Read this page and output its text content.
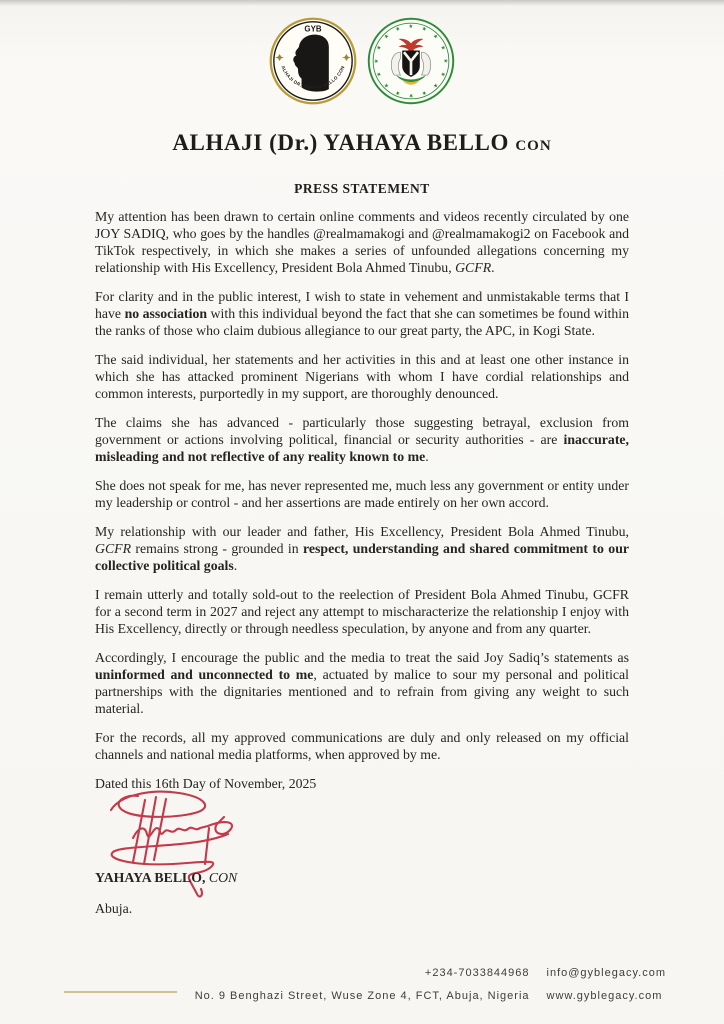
GYB
ALHAJI DR. YAHAYA BELLO CON
★ ★
★
★
★
★
★
★
★
★
★
★
★
★
★
★
ALHAJI (Dr.) YAHAYA BELLO CON
PRESS STATEMENT

My attention has been drawn to certain online comments and videos recently circulated by one JOY SADIQ, who goes by the handles @realmamakogi and @realmamakogi2 on Facebook and TikTok respectively, in which she makes a series of unfounded allegations concerning my relationship with His Excellency, President Bola Ahmed Tinubu, GCFR.

For clarity and in the public interest, I wish to state in vehement and unmistakable terms that I have no association with this individual beyond the fact that she can sometimes be found within the ranks of those who claim dubious allegiance to our great party, the APC, in Kogi State.

The said individual, her statements and her activities in this and at least one other instance in which she has attacked prominent Nigerians with whom I have cordial relationships and common interests, purportedly in my support, are thoroughly denounced.

The claims she has advanced - particularly those suggesting betrayal, exclusion from government or actions involving political, financial or security authorities - are inaccurate, misleading and not reflective of any reality known to me.

She does not speak for me, has never represented me, much less any government or entity under my leadership or control - and her assertions are made entirely on her own accord.

My relationship with our leader and father, His Excellency, President Bola Ahmed Tinubu, GCFR remains strong - grounded in respect, understanding and shared commitment to our collective political goals.

I remain utterly and totally sold-out to the reelection of President Bola Ahmed Tinubu, GCFR for a second term in 2027 and reject any attempt to mischaracterize the relationship I enjoy with His Excellency, directly or through needless speculation, by anyone and from any quarter.

Accordingly, I encourage the public and the media to treat the said Joy Sadiq’s statements as uninformed and unconnected to me, actuated by malice to sour my personal and political partnerships with the dignitaries mentioned and to refrain from giving any weight to such material.

For the records, all my approved communications are duly and only released on my official channels and national media platforms, when approved by me.

Dated this 16th Day of November, 2025

YAHAYA BELLO, CON

Abuja.

+234-7033844968 info@gyblegacy.com
No. 9 Benghazi Street, Wuse Zone 4, FCT, Abuja, Nigeria www.gyblegacy.com
